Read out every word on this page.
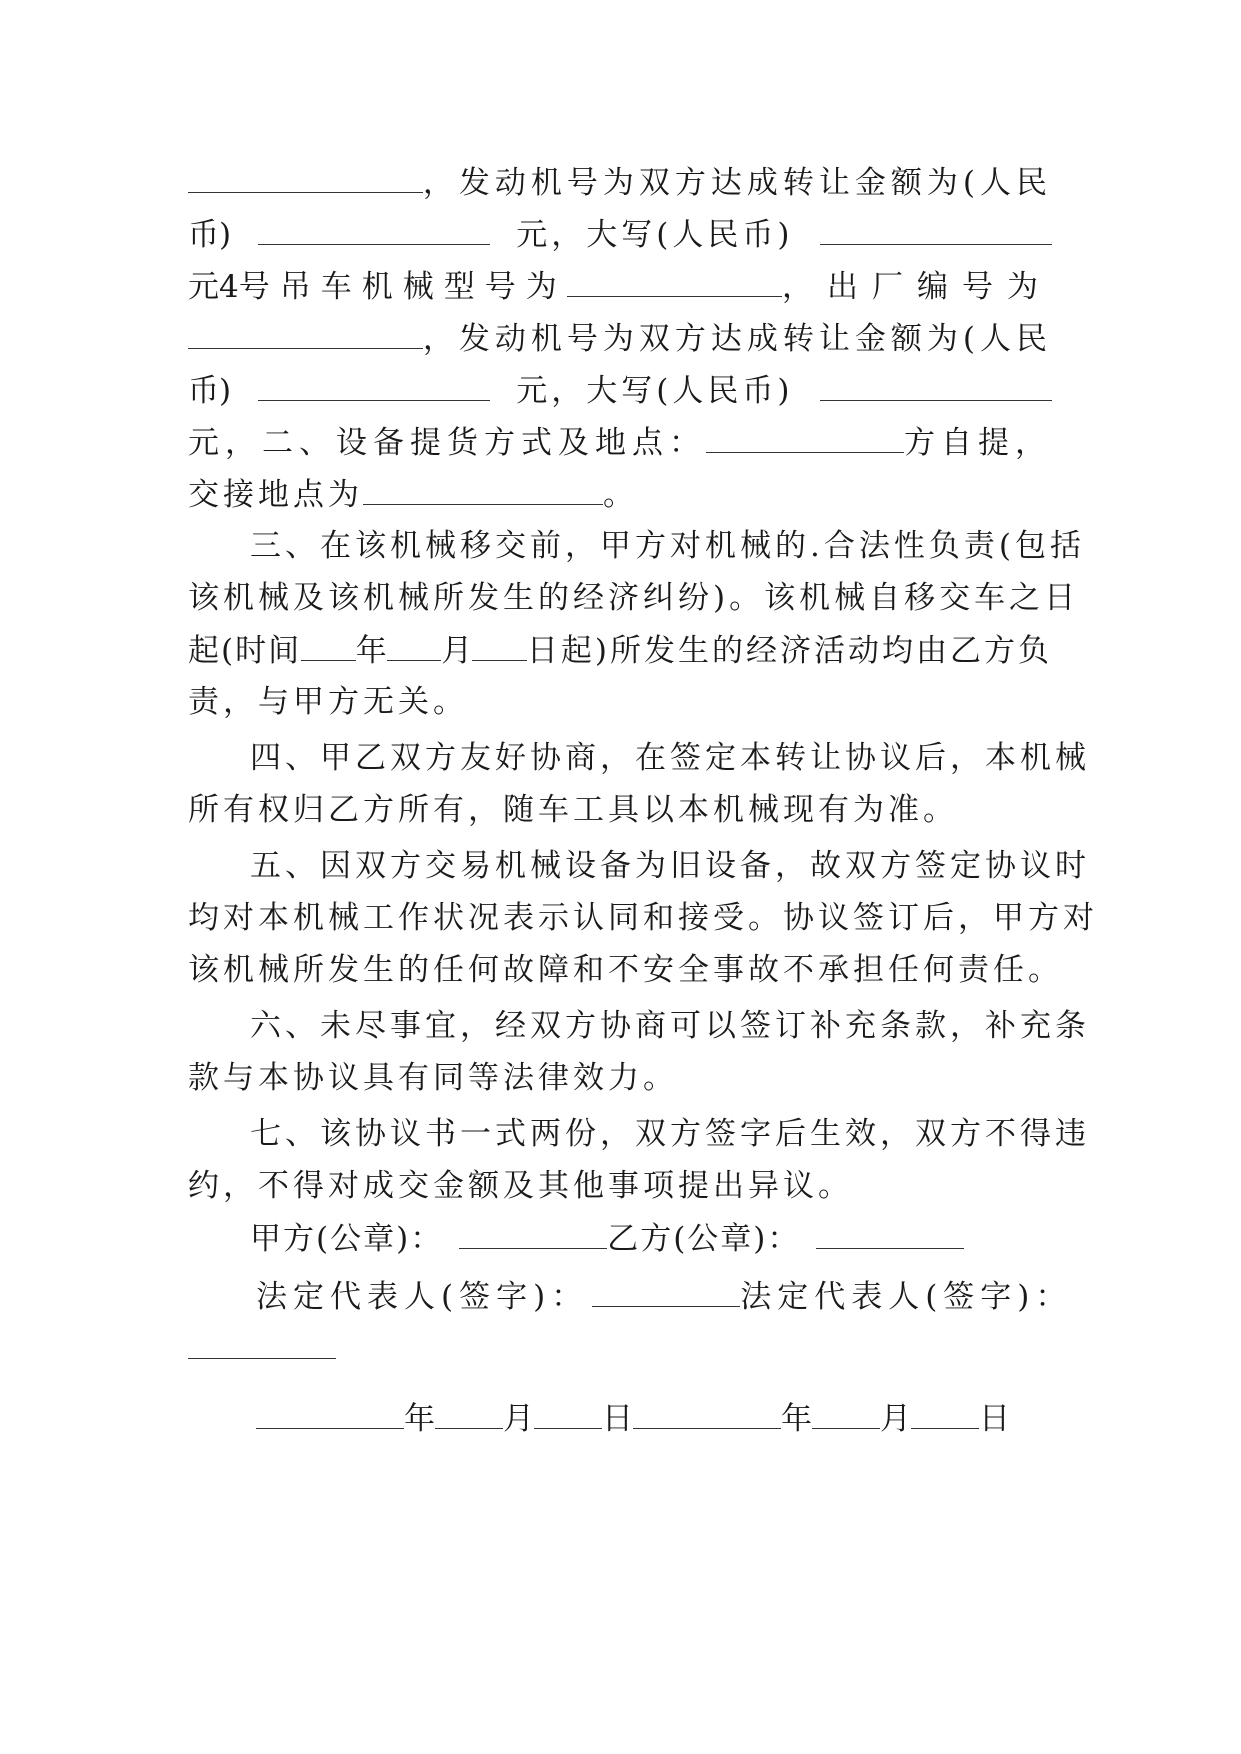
，发动机号为双方达成转让金额为(人民
币)	元，大写(人民币)
元 4 号吊车机械型号为	，出厂编号为
，发动机号为双方达成转让金额为(人民
币)	元，大写(人民币)
元，二、设备提货方式及地点：	方自提，
交接地点为	。
三、在该机械移交前，甲方对机械的.合法性负责(包括
该机械及该机械所发生的经济纠纷)。该机械自移交车之日
起(时间 年 月 日起)所发生的经济活动均由乙方负
责，与甲方无关。
四、甲乙双方友好协商，在签定本转让协议后，本机械
所有权归乙方所有，随车工具以本机械现有为准。
五、因双方交易机械设备为旧设备，故双方签定协议时
均对本机械工作状况表示认同和接受。协议签订后，甲方对
该机械所发生的任何故障和不安全事故不承担任何责任。
六、未尽事宜，经双方协商可以签订补充条款，补充条
款与本协议具有同等法律效力。
七、该协议书一式两份，双方签字后生效，双方不得违
约，不得对成交金额及其他事项提出异议。
甲方(公章)：	乙方(公章)：
法定代表人(签字)：	法定代表人(签字)：
年 月 日	年 月 日
